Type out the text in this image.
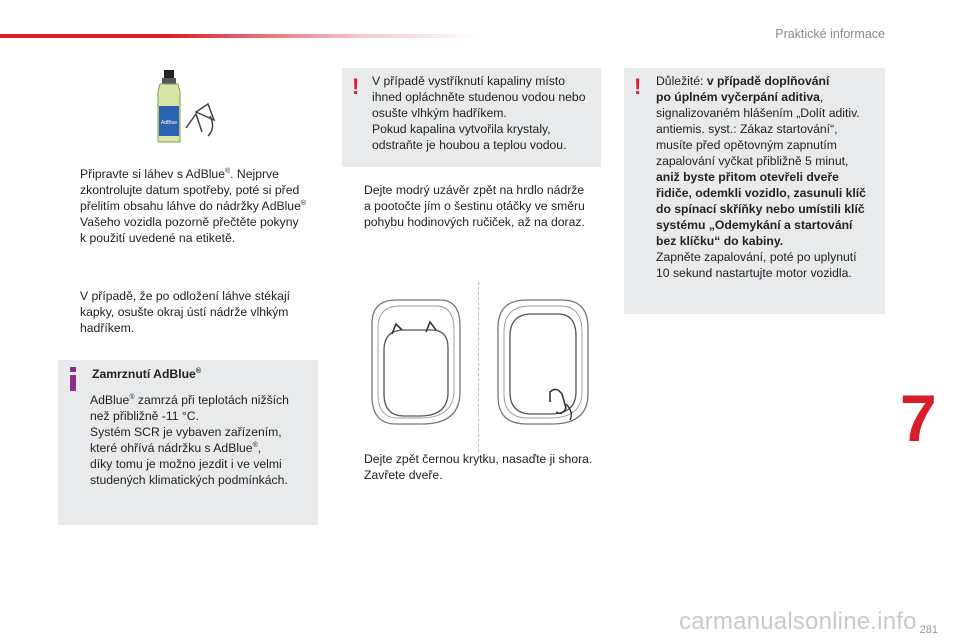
Praktické informace
AdBlue
Připravte si láhev s AdBlue®. Nejprve
zkontrolujte datum spotřeby, poté si před
přelitím obsahu láhve do nádržky AdBlue®
Vašeho vozidla pozorně přečtěte pokyny
k použití uvedené na etiketě.
V případě, že po odložení láhve stékají
kapky, osušte okraj ústí nádrže vlhkým
hadříkem.
Zamrznutí AdBlue®
AdBlue® zamrzá při teplotách nižších
než přibližně -11 °C.
Systém SCR je vybaven zařízením,
které ohřívá nádržku s AdBlue®,
díky tomu je možno jezdit i ve velmi
studených klimatických podmínkách.
! V případě vystříknutí kapaliny místo
ihned opláchněte studenou vodou nebo
osušte vlhkým hadříkem.
Pokud kapalina vytvořila krystaly,
odstraňte je houbou a teplou vodou.
Dejte modrý uzávěr zpět na hrdlo nádrže
a pootočte jím o šestinu otáčky ve směru
pohybu hodinových ručiček, až na doraz.
Dejte zpět černou krytku, nasaďte ji shora.
Zavřete dveře.
! Důležité: v případě doplňování
po úplném vyčerpání aditiva,
signalizovaném hlášením „Dolít aditiv.
antiemis. syst.: Zákaz startování“,
musíte před opětovným zapnutím
zapalování vyčkat přibližně 5 minut,
aniž byste přitom otevřeli dveře
řidiče, odemkli vozidlo, zasunuli klíč
do spínací skříňky nebo umístili klíč
systému „Odemykání a startování
bez klíčku“ do kabiny.
Zapněte zapalování, poté po uplynutí
10 sekund nastartujte motor vozidla.
7
carmanualsonline.info 281
